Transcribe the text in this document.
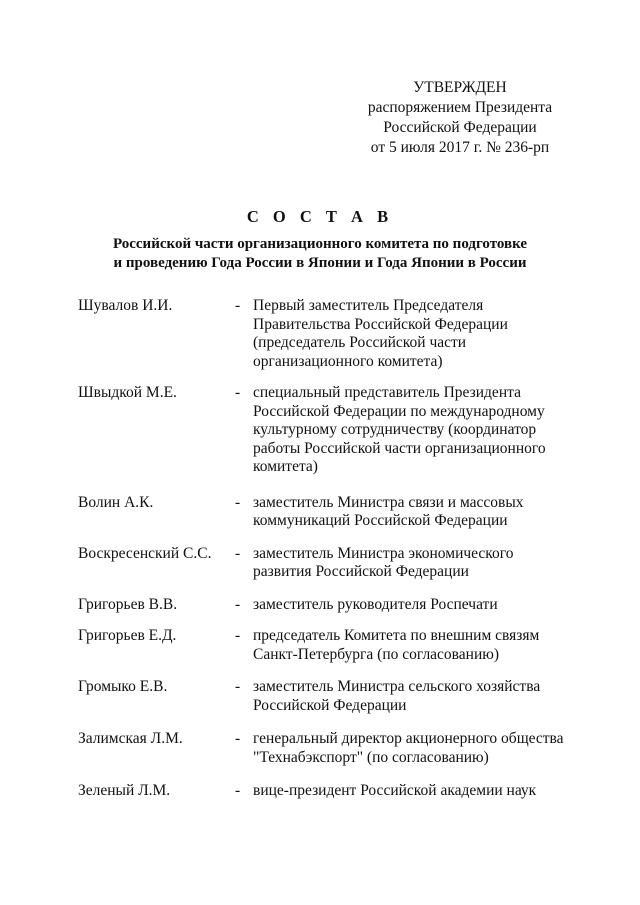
УТВЕРЖДЕН
распоряжением Президента
Российской Федерации
от 5 июля 2017 г. № 236-рп
С О С Т А В
Российской части организационного комитета по подготовке
и проведению Года России в Японии и Года Японии в России
Шувалов И.И.	- Первый заместитель Председателя
Правительства Российской Федерации
(председатель Российской части
организационного комитета)
Швыдкой М.Е.	- специальный представитель Президента
Российской Федерации по международному
культурному сотрудничеству (координатор
работы Российской части организационного
комитета)
Волин А.К.	- заместитель Министра связи и массовых
коммуникаций Российской Федерации
Воскресенский С.С.	- заместитель Министра экономического
развития Российской Федерации
Григорьев В.В.	- заместитель руководителя Роспечати
Григорьев Е.Д.	- председатель Комитета по внешним связям
Санкт-Петербурга (по согласованию)
Громыко Е.В.	- заместитель Министра сельского хозяйства
Российской Федерации
Залимская Л.М.	- генеральный директор акционерного общества
"Технабэкспорт" (по согласованию)
Зеленый Л.М.	- вице-президент Российской академии наук
